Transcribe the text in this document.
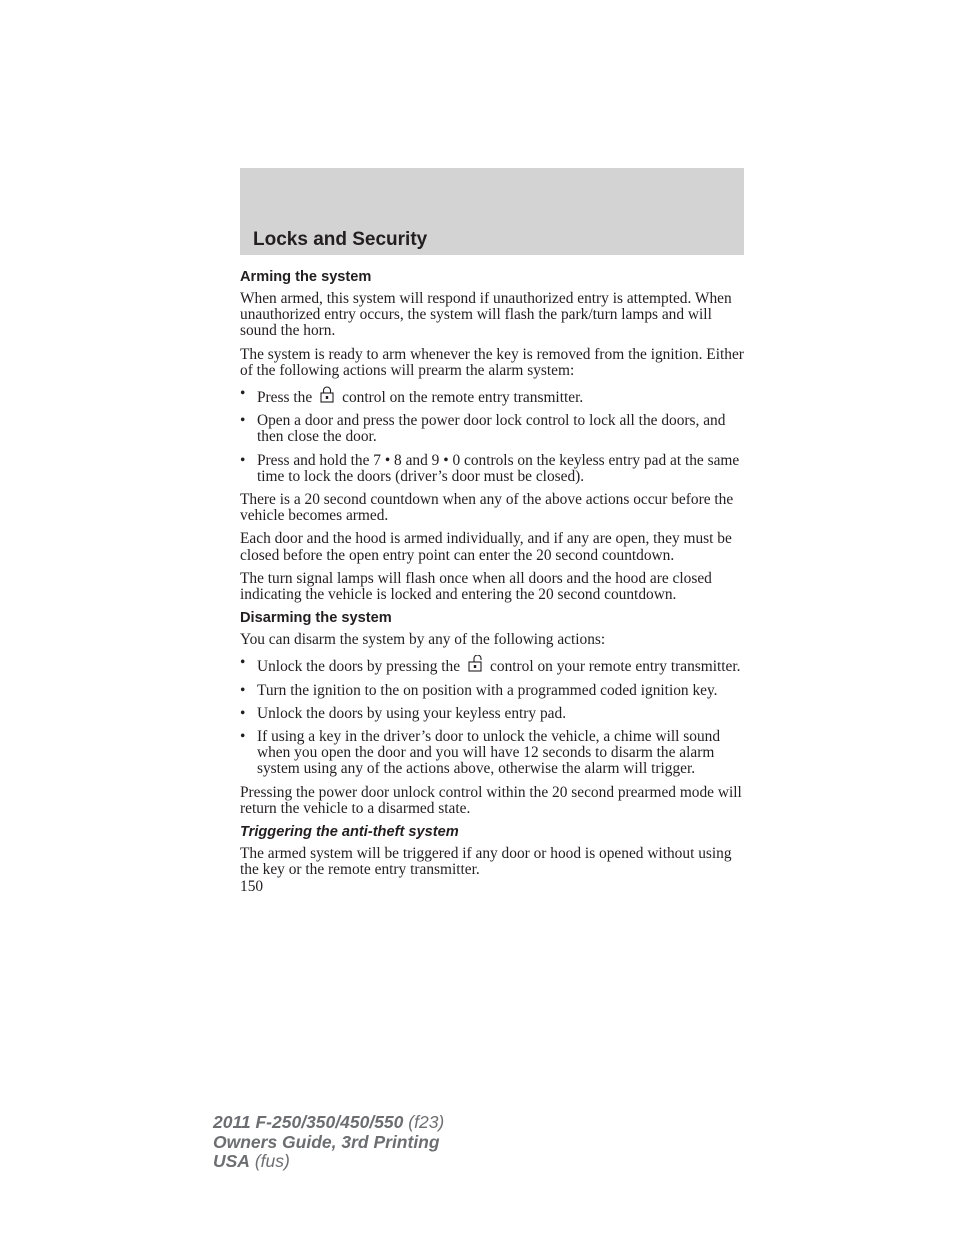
Locks and Security
Arming the system

When armed, this system will respond if unauthorized entry is attempted. When unauthorized entry occurs, the system will flash the park/turn lamps and will sound the horn.

The system is ready to arm whenever the key is removed from the ignition. Either of the following actions will prearm the alarm system:

• Press the control on the remote entry transmitter.
• Open a door and press the power door lock control to lock all the doors, and then close the door.
• Press and hold the 7 • 8 and 9 • 0 controls on the keyless entry pad at the same time to lock the doors (driver’s door must be closed).

There is a 20 second countdown when any of the above actions occur before the vehicle becomes armed.

Each door and the hood is armed individually, and if any are open, they must be closed before the open entry point can enter the 20 second countdown.

The turn signal lamps will flash once when all doors and the hood are closed indicating the vehicle is locked and entering the 20 second countdown.

Disarming the system

You can disarm the system by any of the following actions:

• Unlock the doors by pressing the control on your remote entry transmitter.
• Turn the ignition to the on position with a programmed coded ignition key.
• Unlock the doors by using your keyless entry pad.
• If using a key in the driver’s door to unlock the vehicle, a chime will sound when you open the door and you will have 12 seconds to disarm the alarm system using any of the actions above, otherwise the alarm will trigger.

Pressing the power door unlock control within the 20 second prearmed mode will return the vehicle to a disarmed state.

Triggering the anti-theft system

The armed system will be triggered if any door or hood is opened without using the key or the remote entry transmitter.

150
2011 F-250/350/450/550 (f23)
Owners Guide, 3rd Printing
USA (fus)
